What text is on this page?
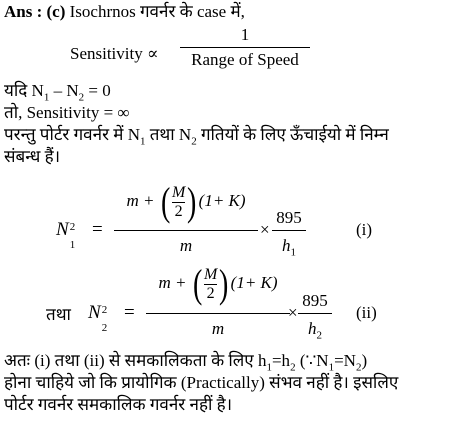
Ans : (c) Isochrnos गवर्नर के case में,
Sensitivity ∝
1
Range of Speed
यदि $N_1 - N_2 = 0$
तो, Sensitivity = ∞
परन्तु पोर्टर गवर्नर में $N_1$ तथा $N_2$ गतियों के लिए ऊँचाईयो में निम्न
संबन्ध हैं।
N 2
1
=
m + ( $\frac{M}{2}$ ) (1+ K)
m
×
895
$h_1$
(i)
तथा N 2
2
=
m + ( $\frac{M}{2}$ ) (1+ K)
m
×
895
$h_2$
(ii)
अतः (i) तथा (ii) से समकालिकता के लिए $h_1=h_2$ $(\because N_1=N_2)$
होना चाहिये जो कि प्रायोगिक (Practically) संभव नहीं है। इसलिए
पोर्टर गवर्नर समकालिक गवर्नर नहीं है।
